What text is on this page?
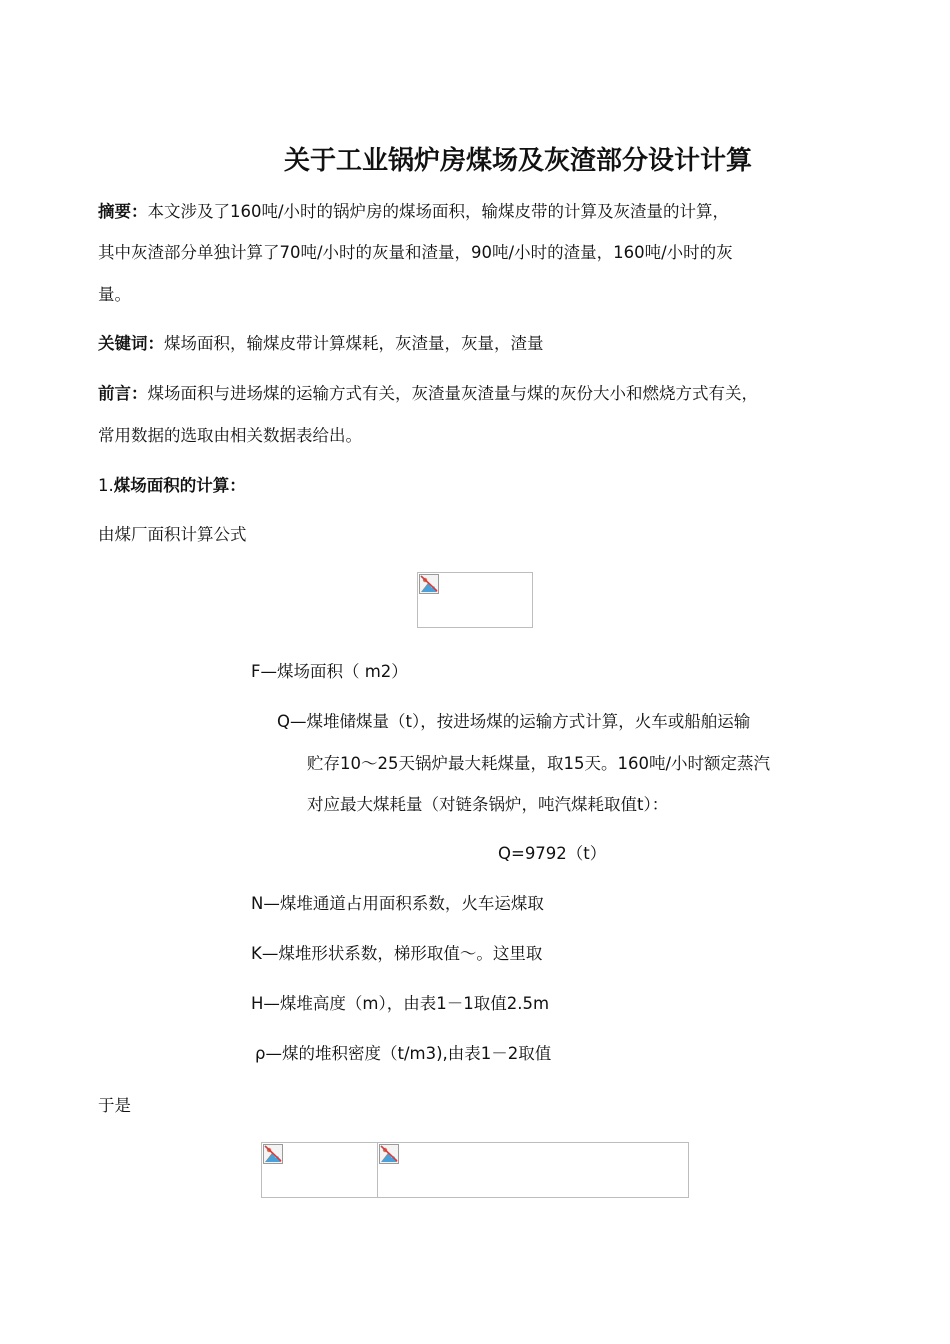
关于工业锅炉房煤场及灰渣部分设计计算
摘要：本文涉及了160吨/小时的锅炉房的煤场面积，输煤皮带的计算及灰渣量的计算，
其中灰渣部分单独计算了70吨/小时的灰量和渣量，90吨/小时的渣量，160吨/小时的灰
量。
关键词：煤场面积，输煤皮带计算煤耗，灰渣量，灰量，渣量
前言：煤场面积与进场煤的运输方式有关，灰渣量灰渣量与煤的灰份大小和燃烧方式有关，
常用数据的选取由相关数据表给出。
1.煤场面积的计算：
由煤厂面积计算公式
F—煤场面积（ m2）
Q—煤堆储煤量（t），按进场煤的运输方式计算，火车或船舶运输
贮存10～25天锅炉最大耗煤量，取15天。160吨/小时额定蒸汽
对应最大煤耗量（对链条锅炉，吨汽煤耗取值t）：
Q=9792（t）
N—煤堆通道占用面积系数，火车运煤取
K—煤堆形状系数，梯形取值～。这里取
H—煤堆高度（m），由表1－1取值2.5m
ρ—煤的堆积密度（t/m3),由表1－2取值
于是
